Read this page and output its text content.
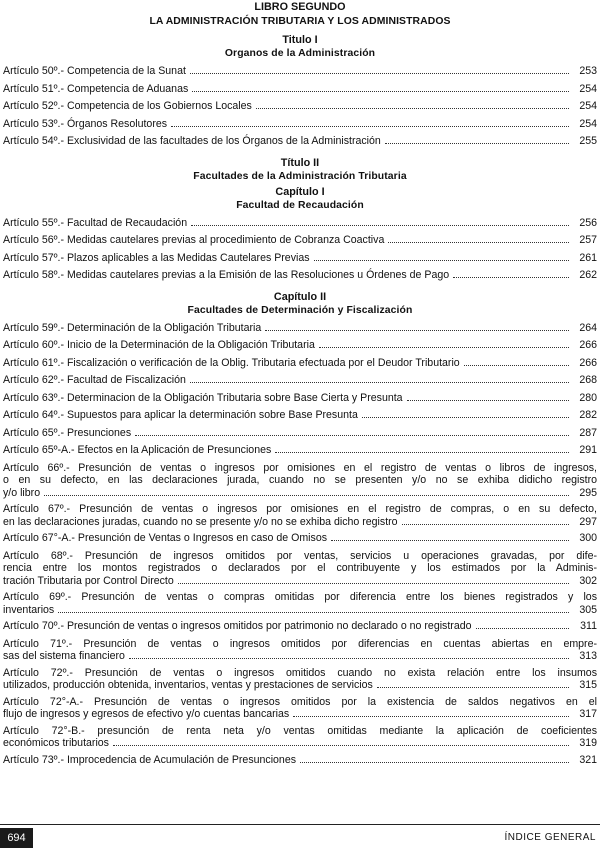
LIBRO SEGUNDO
LA ADMINISTRACIÓN TRIBUTARIA Y LOS ADMINISTRADOS
Titulo I
Organos de la Administración
Artículo 50º.-
Competencia de la Sunat	253
Artículo 51º.-
Competencia de Aduanas	254
Artículo 52º.-
Competencia de los Gobiernos Locales	254
Artículo 53º.-
Órganos Resolutores	254
Artículo 54º.-
Exclusividad de las facultades de los Órganos de la Administración	255
Título II
Facultades de la Administración Tributaria
Capítulo I
Facultad de Recaudación
Artículo 55º.-
Facultad de Recaudación	256
Artículo 56º.-
Medidas cautelares previas al procedimiento de Cobranza Coactiva	257
Artículo 57º.-
Plazos aplicables a las Medidas Cautelares Previas	261
Artículo 58º.-
Medidas cautelares previas a la Emisión de las Resoluciones u Órdenes de Pago	262
Capítulo II
Facultades de Determinación y Fiscalización
Artículo 59º.-
Determinación de la Obligación Tributaria	264
Artículo 60º.-
Inicio de la Determinación de la Obligación Tributaria	266
Artículo 61º.-
Fiscalización o verificación de la Oblig. Tributaria efectuada por el Deudor Tributario	266
Artículo 62º.-
Facultad de Fiscalización	268
Artículo 63º.-
Determinacion de la Obligación Tributaria sobre Base Cierta y Presunta	280
Artículo 64º.-
Supuestos para aplicar la determinación sobre Base Presunta	282
Artículo 65º.-
Presunciones	287
Artículo 65º-A.-
Efectos en la Aplicación de Presunciones	291
Artículo 66º.- Presunción de ventas o ingresos por omisiones en el registro de ventas o libros de ingresos,
o en su defecto, en las declaraciones jurada, cuando no se presenten y/o no se exhiba didicho registro
y/o libro	295
Artículo 67º.- Presunción de ventas o ingresos por omisiones en el registro de compras, o en su defecto,
en las declaraciones juradas, cuando no se presente y/o no se exhiba dicho registro	297
Artículo 67°-A.-
Presunción de Ventas o Ingresos en caso de Omisos	300
Artículo 68º.- Presunción de ingresos omitidos por ventas, servicios u operaciones gravadas, por dife-
rencia entre los montos registrados o declarados por el contribuyente y los estimados por la Adminis-
tración Tributaria por Control Directo	302
Artículo 69º.- Presunción de ventas o compras omitidas por diferencia entre los bienes registrados y los
inventarios	305
Artículo 70º.-
Presunción de ventas o ingresos omitidos por patrimonio no declarado o no registrado	311
Artículo 71º.- Presunción de ventas o ingresos omitidos por diferencias en cuentas abiertas en empre-
sas del sistema financiero	313
Artículo 72º.- Presunción de ventas o ingresos omitidos cuando no exista relación entre los insumos
utilizados, producción obtenida, inventarios, ventas y prestaciones de servicios	315
Artículo 72°-A.- Presunción de ventas o ingresos omitidos por la existencia de saldos negativos en el
flujo de ingresos y egresos de efectivo y/o cuentas bancarias	317
Artículo 72°-B.- presunción de renta neta y/o ventas omitidas mediante la aplicación de coeficientes
económicos tributarios	319
Artículo 73º.-
Improcedencia de Acumulación de Presunciones	321
694	ÍNDICE GENERAL
